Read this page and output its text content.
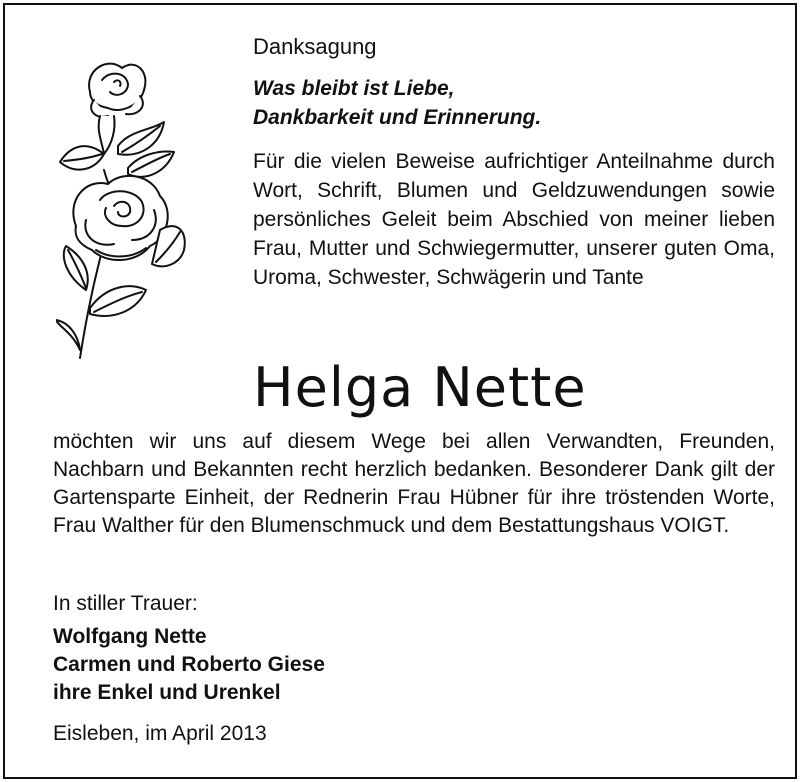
Danksagung
Was bleibt ist Liebe,
Dankbarkeit und Erinnerung.
Für die vielen Beweise aufrichtiger Anteilnahme durch Wort, Schrift, Blumen und Geldzuwendungen sowie persönliches Geleit beim Abschied von meiner lieben Frau, Mutter und Schwiegermutter, unserer guten Oma, Uroma, Schwester, Schwägerin und Tante
Helga Nette
möchten wir uns auf diesem Wege bei allen Verwandten, Freunden, Nachbarn und Bekannten recht herzlich bedanken. Besonderer Dank gilt der Gartensparte Einheit, der Rednerin Frau Hübner für ihre tröstenden Worte, Frau Walther für den Blumenschmuck und dem Bestattungshaus VOIGT.
In stiller Trauer:
Wolfgang Nette
Carmen und Roberto Giese
ihre Enkel und Urenkel
Eisleben, im April 2013
